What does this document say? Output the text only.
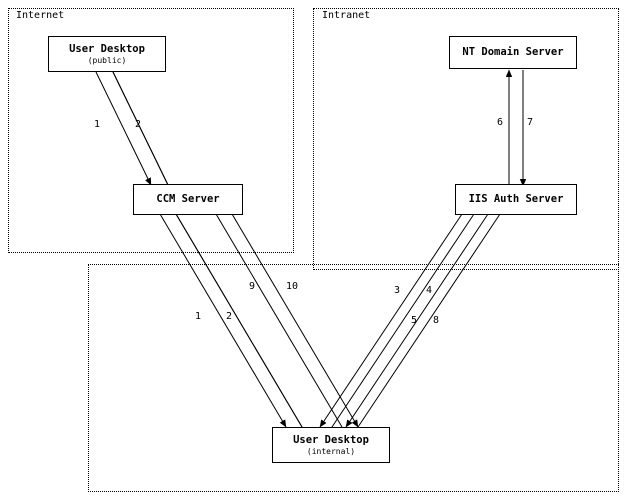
Internet	Intranet
User Desktop
(public)
NT Domain Server
CCM Server	IIS Auth Server
User Desktop
(internal)
1	2	6 7
9	10	3	4
1 2	5 8
